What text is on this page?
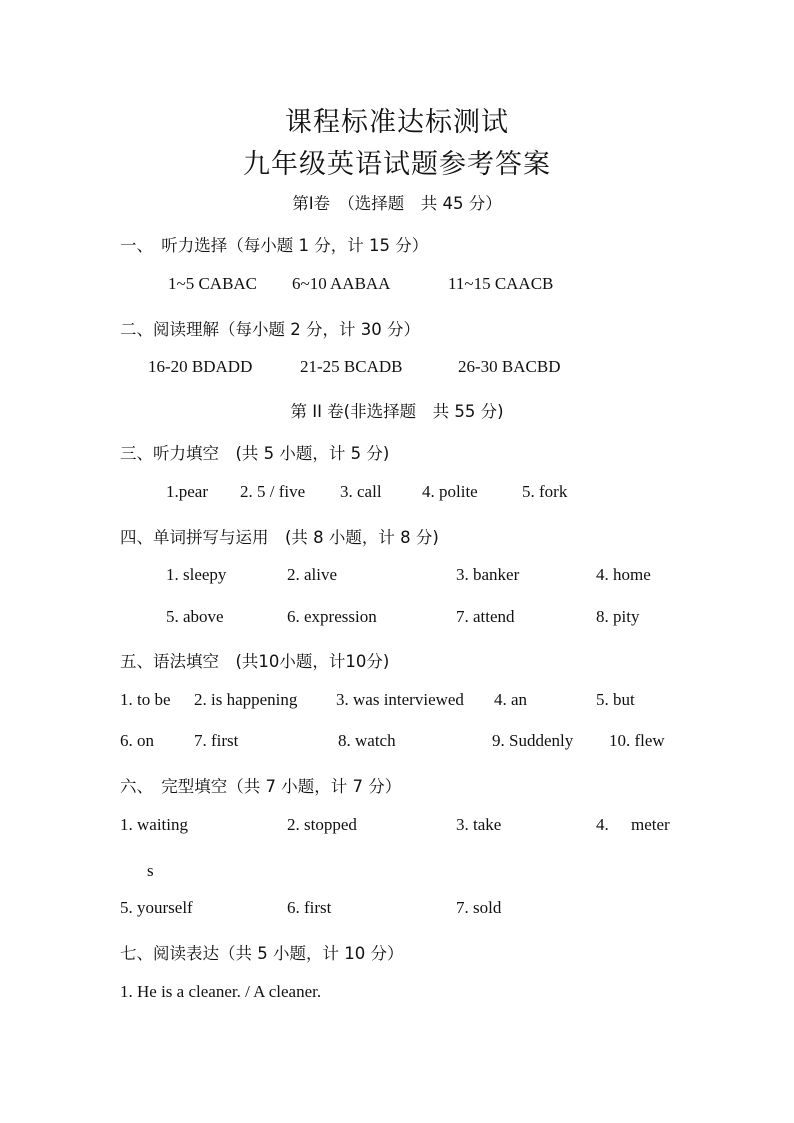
课程标准达标测试
九年级英语试题参考答案
第Ⅰ卷　（选择题　共 45 分）
一、　听力选择（每小题 1 分，计 15 分）
1~5 CABAC 6~10 AABAA	11~15 CAACB
二、阅读理解（每小题 2 分，计 30 分）
16-20 BDADD	21-25 BCADB	26-30 BACBD
第 II 卷(非选择题　共 55 分)
三、听力填空　(共 5 小题，计 5 分)
1.pear 2. 5 / five 3. call 4. polite	5. fork
四、单词拼写与运用　(共 8 小题，计 8 分)
1. sleepy	2. alive	3. banker	4. home
5. above	6. expression	7. attend	8. pity
五、语法填空　(共10小题，计10分)
1. to be 2. is happening 3. was interviewed 4. an	5. but
6. on 7. first	8. watch	9. Suddenly 10. flew
六、　完型填空（共 7 小题，计 7 分）
1. waiting	2. stopped	3. take	4. meter
s
5. yourself	6. first	7. sold
七、阅读表达（共 5 小题，计 10 分）
1. He is a cleaner. / A cleaner.
